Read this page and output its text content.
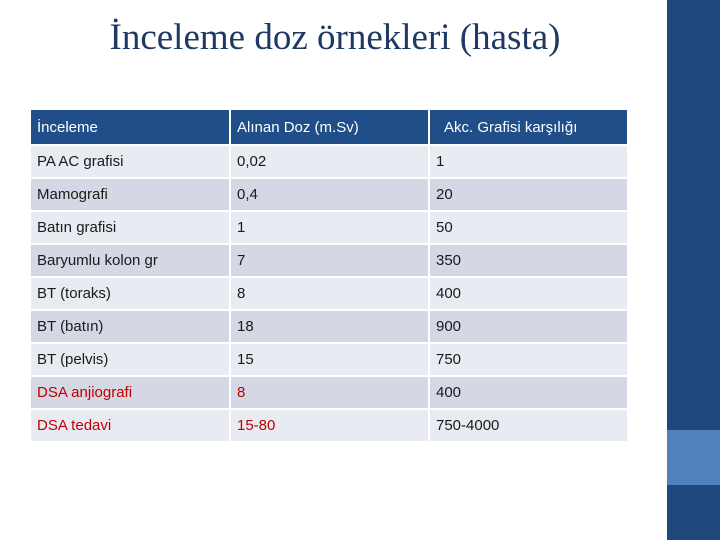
İnceleme doz örnekleri (hasta)
İnceleme	Alınan Doz (m.Sv)	Akc. Grafisi karşılığı
PA AC grafisi	0,02	1
Mamografi	0,4	20
Batın grafisi	1	50
Baryumlu kolon gr	7	350
BT (toraks)	8	400
BT (batın)	18	900
BT (pelvis)	15	750
DSA anjiografi	8	400
DSA tedavi	15-80	750-4000
